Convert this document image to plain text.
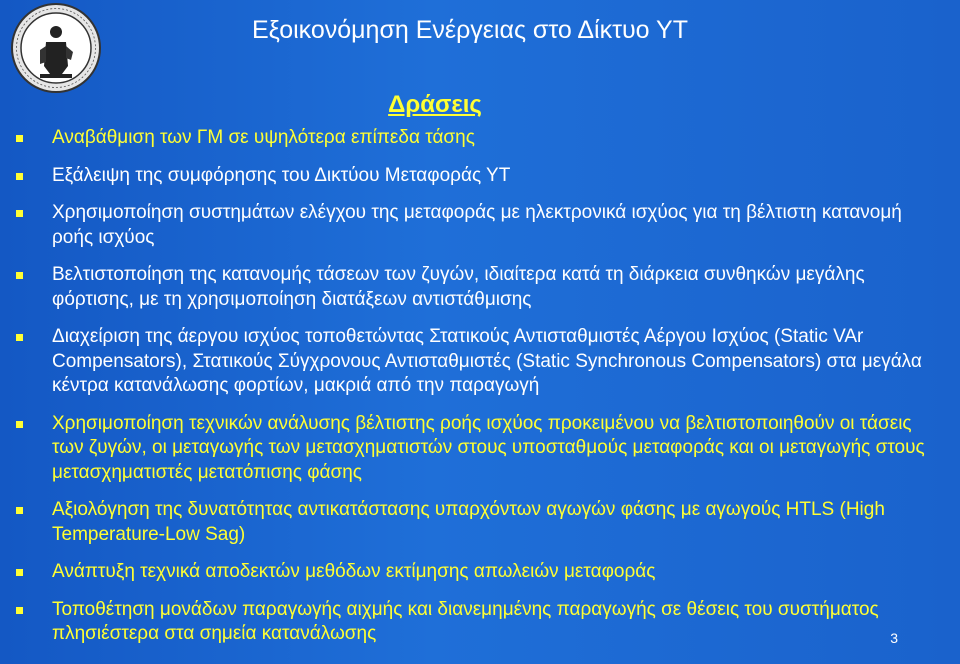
Εξοικονόμηση Ενέργειας στο Δίκτυο ΥΤ
Δράσεις
Αναβάθμιση των ΓΜ σε υψηλότερα επίπεδα τάσης
Εξάλειψη της συμφόρησης του Δικτύου Μεταφοράς ΥΤ
Χρησιμοποίηση συστημάτων ελέγχου της μεταφοράς με ηλεκτρονικά ισχύος για τη βέλτιστη κατανομή ροής ισχύος
Βελτιστοποίηση της κατανομής τάσεων των ζυγών, ιδιαίτερα κατά τη διάρκεια συνθηκών μεγάλης φόρτισης, με τη χρησιμοποίηση διατάξεων αντιστάθμισης
Διαχείριση της άεργου ισχύος τοποθετώντας Στατικούς Αντισταθμιστές Αέργου Ισχύος (Static VAr Compensators), Στατικούς Σύγχρονους Αντισταθμιστές (Static Synchronous Compensators) στα μεγάλα κέντρα κατανάλωσης φορτίων, μακριά από την παραγωγή
Χρησιμοποίηση τεχνικών ανάλυσης βέλτιστης ροής ισχύος προκειμένου να βελτιστοποιηθούν οι τάσεις των ζυγών, οι μεταγωγής των μετασχηματιστών στους υποσταθμούς μεταφοράς και οι μεταγωγής στους μετασχηματιστές μετατόπισης φάσης
Αξιολόγηση της δυνατότητας αντικατάστασης υπαρχόντων αγωγών φάσης με αγωγούς HTLS (High Temperature-Low Sag)
Ανάπτυξη τεχνικά αποδεκτών μεθόδων εκτίμησης απωλειών μεταφοράς
Τοποθέτηση μονάδων παραγωγής αιχμής και διανεμημένης παραγωγής σε θέσεις του συστήματος πλησιέστερα στα σημεία κατανάλωσης	3
